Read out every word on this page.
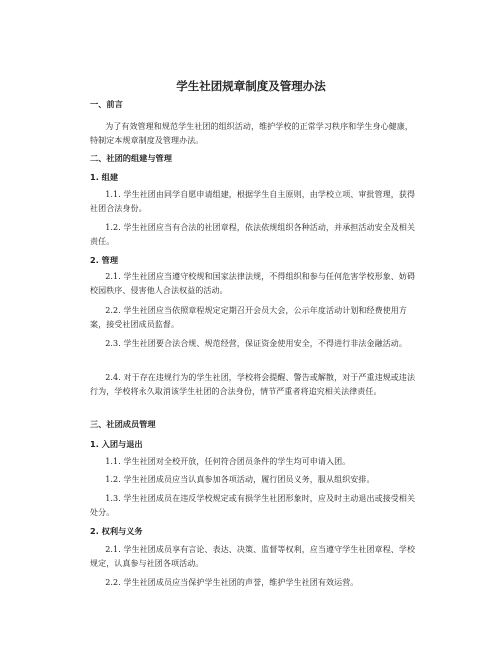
学生社团规章制度及管理办法
一、前言
为了有效管理和规范学生社团的组织活动，维护学校的正常学习秩序和学生身心健康，特制定本规章制度及管理办法。
二、社团的组建与管理
1. 组建
1.1. 学生社团由同学自愿申请组建，根据学生自主原则，由学校立项、审批管理，获得社团合法身份。
1.2. 学生社团应当有合法的社团章程，依法依规组织各种活动，并承担活动安全及相关责任。
2. 管理
2.1. 学生社团应当遵守校规和国家法律法规，不得组织和参与任何危害学校形象、妨碍校园秩序、侵害他人合法权益的活动。
2.2. 学生社团应当依照章程规定定期召开会员大会，公示年度活动计划和经费使用方案，接受社团成员监督。
2.3. 学生社团要合法合规、规范经营，保证资金使用安全，不得进行非法金融活动。
2.4. 对于存在违规行为的学生社团，学校将会提醒、警告或解散，对于严重违规或违法行为，学校将永久取消该学生社团的合法身份，情节严重者将追究相关法律责任。
三、社团成员管理
1. 入团与退出
1.1. 学生社团对全校开放，任何符合团员条件的学生均可申请入团。
1.2. 学生社团成员应当认真参加各项活动，履行团员义务，服从组织安排。
1.3. 学生社团成员在违反学校规定或有损学生社团形象时，应及时主动退出或接受相关处分。
2. 权利与义务
2.1. 学生社团成员享有言论、表达、决策、监督等权利，应当遵守学生社团章程、学校规定，认真参与社团各项活动。
2.2. 学生社团成员应当保护学生社团的声誉，维护学生社团有效运营。
